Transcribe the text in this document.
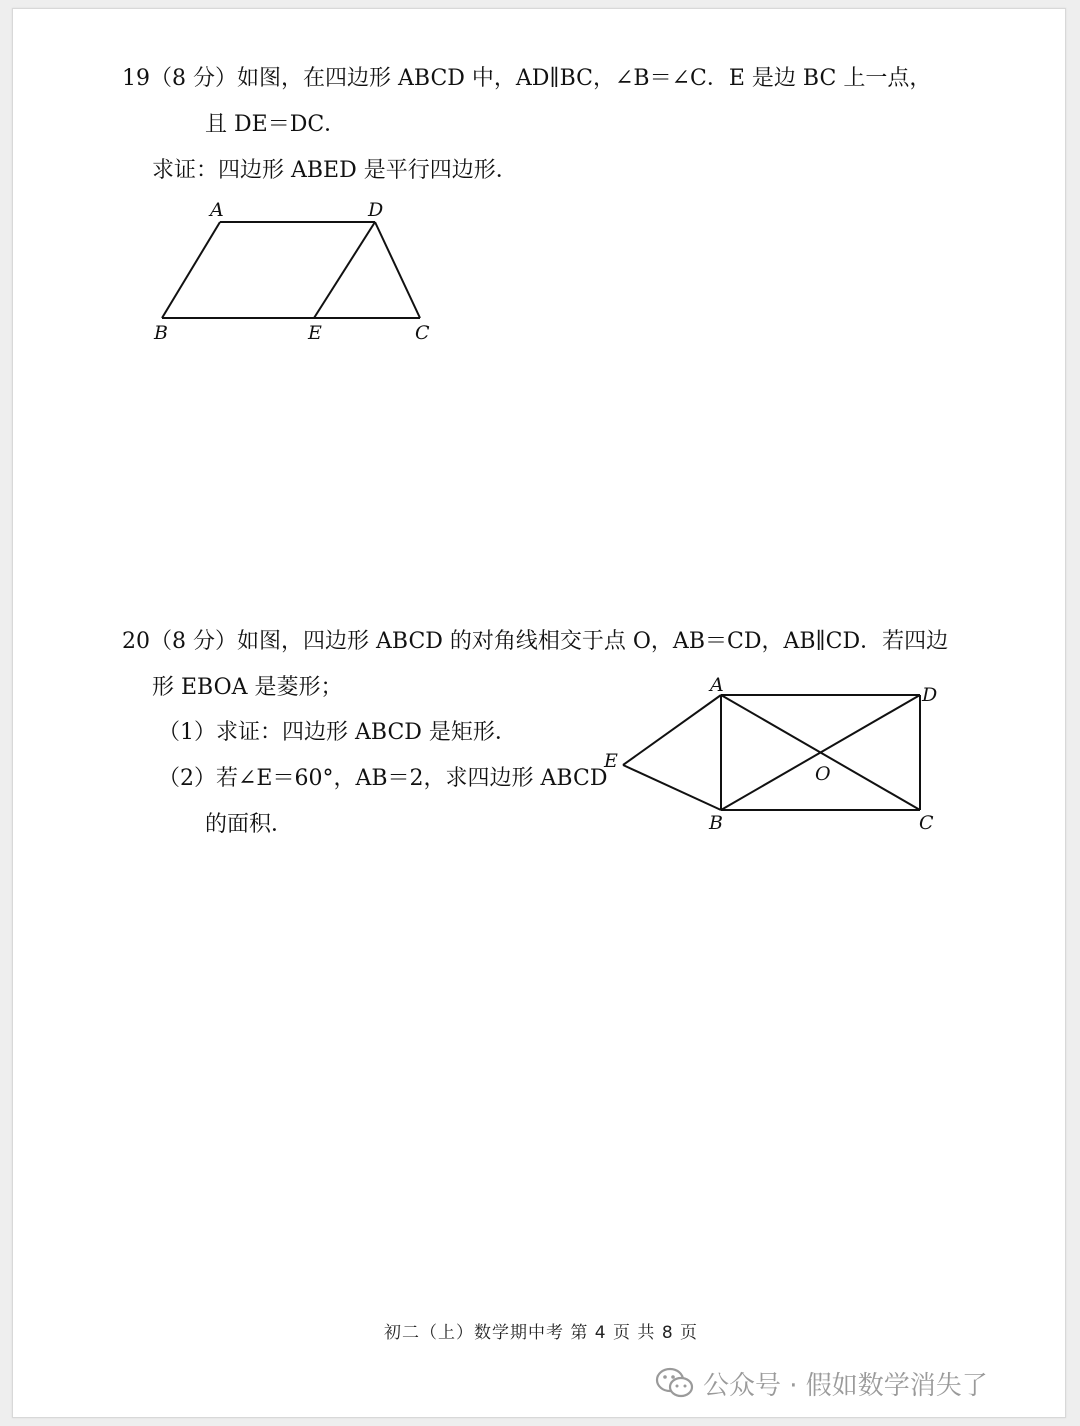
19（8 分）如图，在四边形 ABCD 中，AD∥BC，∠B＝∠C．E 是边 BC 上一点，
且 DE＝DC．
求证：四边形 ABED 是平行四边形．
A	D
B	E	C
20（8 分）如图，四边形 ABCD 的对角线相交于点 O，AB＝CD，AB∥CD．若四边
形 EBOA 是菱形；
（1）求证：四边形 ABCD 是矩形．
（2）若∠E＝60°，AB＝2，求四边形 ABCD
的面积．
A	D
E
O
B	C
初二（上）数学期中考 第 4 页 共 8 页
公众号 · 假如数学消失了
